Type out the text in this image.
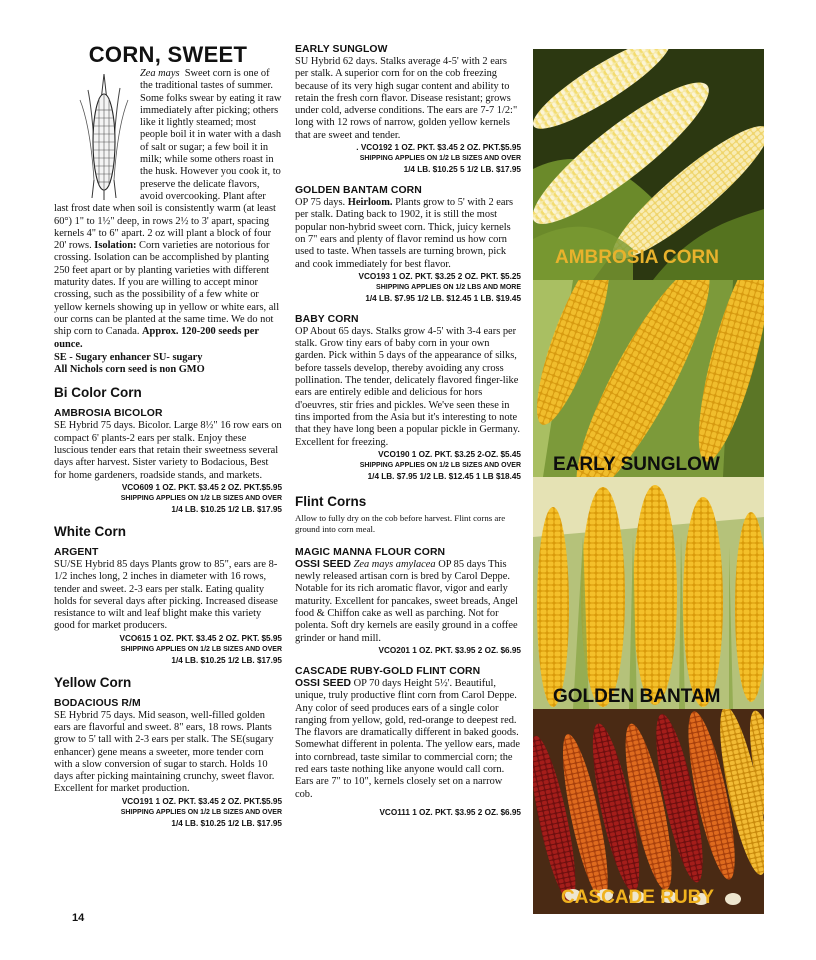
CORN, SWEET

Zea mays Sweet corn is one of the traditional tastes of summer. Some folks swear by eating it raw immediately after picking; others like it lightly steamed; most people boil it in water with a dash of salt or sugar; a few boil it in milk; while some others roast in the husk. However you cook it, to preserve the delicate flavors, avoid overcooking. Plant after last frost date when soil is consistently warm (at least 60°) 1" to 1½" deep, in rows 2½ to 3' apart, spacing kernels 4" to 6" apart. 2 oz will plant a block of four 20' rows. Isolation: Corn varieties are notorious for crossing. Isolation can be accomplished by planting 250 feet apart or by planting varieties with different maturity dates. If you are willing to accept minor crossing, such as the possibility of a few white or yellow kernels showing up in yellow or white ears, all our corns can be planted at the same time. We do not ship corn to Canada. Approx. 120-200 seeds per ounce.

SE - Sugary enhancer SU- sugary

All Nichols corn seed is non GMO

Bi Color Corn
AMBROSIA BICOLOR

SE Hybrid 75 days. Bicolor. Large 8½" 16 row ears on compact 6' plants-2 ears per stalk. Enjoy these luscious tender ears that retain their sweetness several days after harvest. Sister variety to Bodacious, Best for home gardeners, roadside stands, and markets.

VCO609 1 OZ. PKT. $3.45 2 OZ. PKT.$5.95

SHIPPING APPLIES ON 1/2 LB SIZES AND OVER

1/4 LB. $10.25 1/2 LB. $17.95

White Corn
ARGENT

SU/SE Hybrid 85 days Plants grow to 85", ears are 8-1/2 inches long, 2 inches in diameter with 16 rows, tender and sweet. 2-3 ears per stalk. Eating quality holds for several days after picking. Increased disease resistance to wilt and leaf blight make this variety good for market producers.

VCO615 1 OZ. PKT. $3.45 2 OZ. PKT. $5.95

SHIPPING APPLIES ON 1/2 LB SIZES AND OVER

1/4 LB. $10.25 1/2 LB. $17.95

Yellow Corn
BODACIOUS R/M

SE Hybrid 75 days. Mid season, well-filled golden ears are flavorful and sweet. 8" ears, 18 rows. Plants grow to 5' tall with 2-3 ears per stalk. The SE(sugary enhancer) gene means a sweeter, more tender corn with a slow conversion of sugar to starch. Holds 10 days after picking maintaining crunchy, sweet flavor. Excellent for market production.

VCO191 1 OZ. PKT. $3.45 2 OZ. PKT.$5.95

SHIPPING APPLIES ON 1/2 LB SIZES AND OVER

1/4 LB. $10.25 1/2 LB. $17.95

EARLY SUNGLOW

SU Hybrid 62 days. Stalks average 4-5' with 2 ears per stalk. A superior corn for on the cob freezing because of its very high sugar content and ability to retain the fresh corn flavor. Disease resistant; grows under cold, adverse conditions. The ears are 7-7 1/2:" long with 12 rows of narrow, golden yellow kernels that are sweet and tender.

. VCO192 1 OZ. PKT. $3.45 2 OZ. PKT.$5.95

SHIPPING APPLIES ON 1/2 LB SIZES AND OVER

1/4 LB. $10.25 5 1/2 LB. $17.95

GOLDEN BANTAM CORN

OP 75 days. Heirloom. Plants grow to 5' with 2 ears per stalk. Dating back to 1902, it is still the most popular non-hybrid sweet corn. Thick, juicy kernels on 7" ears and plenty of flavor remind us how corn used to taste. When tassels are turning brown, pick and cook immediately for best flavor.

VCO193 1 OZ. PKT. $3.25 2 OZ. PKT. $5.25

SHIPPING APPLIES ON 1/2 LBS AND MORE

1/4 LB. $7.95 1/2 LB. $12.45 1 LB. $19.45

BABY CORN

OP About 65 days. Stalks grow 4-5' with 3-4 ears per stalk. Grow tiny ears of baby corn in your own garden. Pick within 5 days of the appearance of silks, before tassels develop, thereby avoiding any cross pollination. The tender, delicately flavored finger-like ears are entirely edible and delicious for hors d'oeuvres, stir fries and pickles. We've seen these in tins imported from the Asia but it's interesting to note that they have long been a popular pickle in Germany. Excellent for freezing.

VCO190 1 OZ. PKT. $3.25 2-OZ. $5.45

SHIPPING APPLIES ON 1/2 LB SIZES AND OVER

1/4 LB. $7.95 1/2 LB. $12.45 1 LB $18.45

Flint Corns

Allow to fully dry on the cob before harvest. Flint corns are ground into corn meal.

MAGIC MANNA FLOUR CORN

OSSI SEED Zea mays amylacea OP 85 days This newly released artisan corn is bred by Carol Deppe. Notable for its rich aromatic flavor, vigor and early maturity. Excellent for pancakes, sweet breads, Angel food & Chiffon cake as well as parching. Not for polenta. Soft dry kernels are easily ground in a coffee grinder or hand mill.

VCO201 1 OZ. PKT. $3.95 2 OZ. $6.95

CASCADE RUBY-GOLD FLINT CORN

OSSI SEED OP 70 days Height 5½'. Beautiful, unique, truly productive flint corn from Carol Deppe. Any color of seed produces ears of a single color ranging from yellow, gold, red-orange to deepest red. The flavors are dramatically different in baked goods. Somewhat different in polenta. The yellow ears, made into cornbread, taste similar to commercial corn; the red ears taste nothing like anyone would call corn. Ears are 7" to 10", kernels closely set on a narrow cob.

VCO111 1 OZ. PKT. $3.95 2 OZ. $6.95

AMBROSIA CORN
EARLY SUNGLOW
GOLDEN BANTAM
CASCADE RUBY
14
